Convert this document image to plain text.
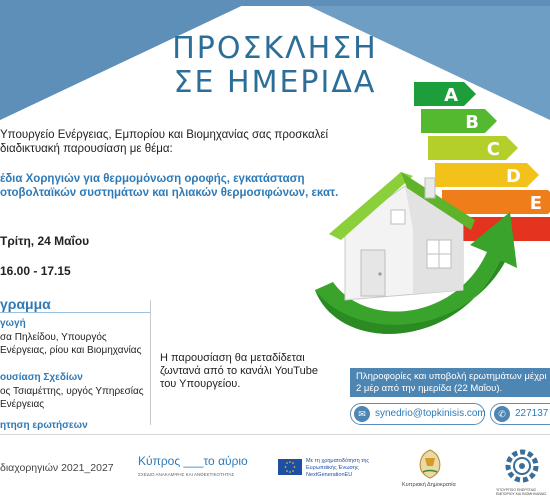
ΠΡΟΣΚΛΗΣΗ
ΣΕ ΗΜΕΡΙΔΑ	A
B
C
D
E
Υπουργείο Ενέργειας, Εμπορίου και Βιομηχανίας σας προσκαλεί διαδικτυακή παρουσίαση με θέμα:
έδια Χορηγιών για θερμομόνωση οροφής, εγκατάσταση οτοβολταϊκών συστημάτων και ηλιακών θερμοσιφώνων, εκατ.
Τρίτη, 24 Μαΐου
16.00 - 17.15
γραμμα
γωγή
σα Πηλείδου, Υπουργός Ενέργειας, ρίου και Βιομηχανίας
ουσίαση Σχεδίων
ος Τσιαμέττης, υργός Υπηρεσίας Ενέργειας
ητηση ερωτήσεων
Η παρουσίαση θα μεταδίδεται ζωντανά από το κανάλι YouTube του Υπουργείου.
Πληροφορίες και υποβολή ερωτημάτων μέχρι 2 μέρ από την ημερίδα (22 Μαΐου).
✉ synedrio@topkinisis.com	✆ 227137
διαχορηγιών 2021_2027 Κύπρος ___το αύριο
ΣΧΕΔΙΟ ΑΝΑΚΑΜΨΗΣ ΚΑΙ ΑΝΘΕΚΤΙΚΟΤΗΤΑΣ
Με τη χρηματοδότηση της Ευρωπαϊκής Ένωσης NextGenerationEU
Κυπριακή Δημοκρατία
ΥΠΟΥΡΓΕΙΟ ΕΝΕΡΓΕΙΑΣ ΕΜΠΟΡΙΟΥ ΚΑΙ ΒΙΟΜΗΧΑΝΙΑΣ
